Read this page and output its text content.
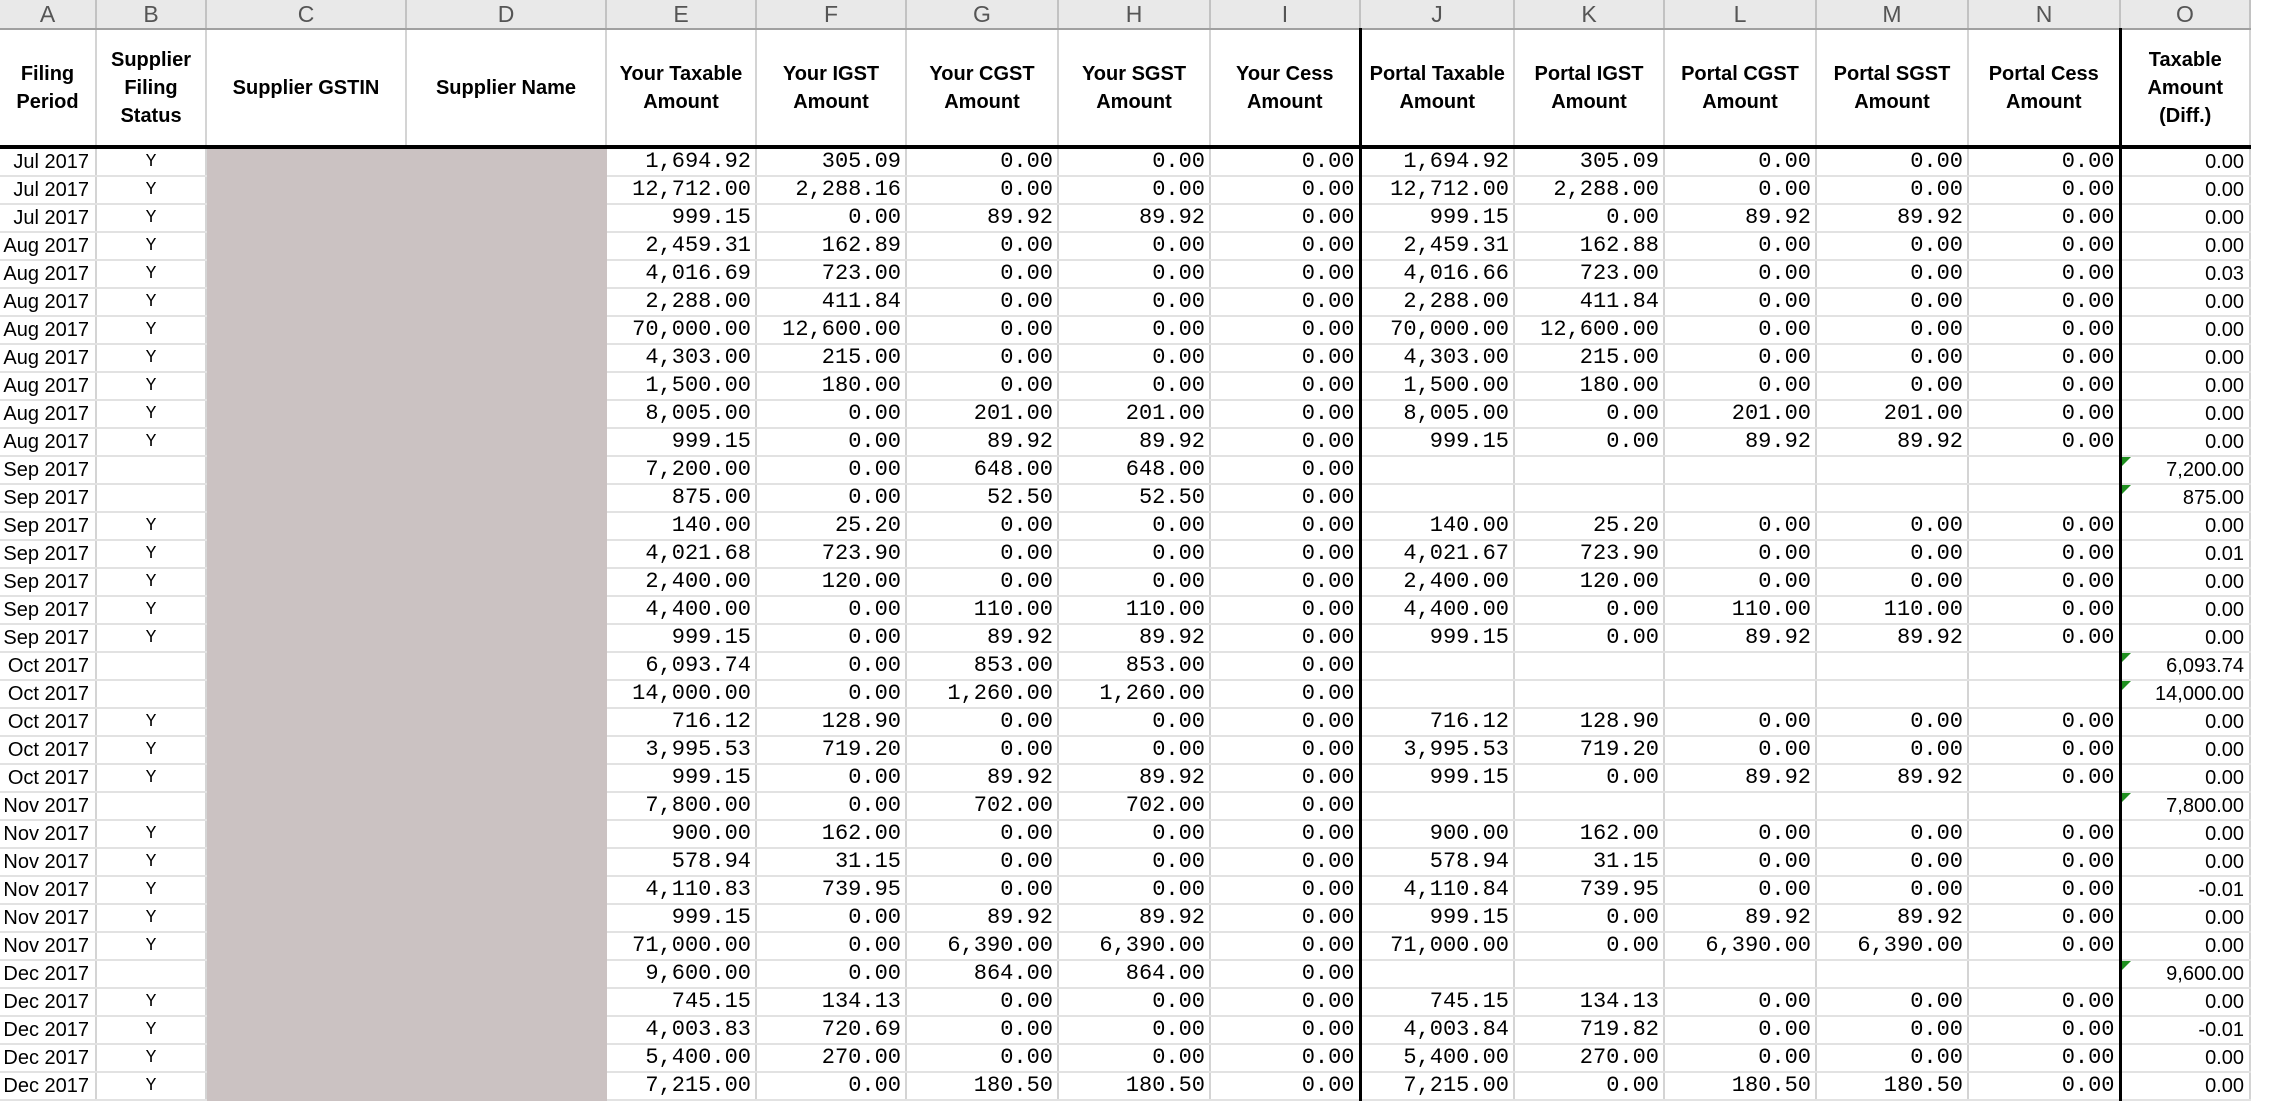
A	B	C	D	E	F	G	H	I	J	K	L	M	N	O
Filing Period	Supplier Filing Status	Supplier GSTIN	Supplier Name	Your Taxable Amount	Your IGST Amount	Your CGST Amount	Your SGST Amount	Your Cess Amount	Portal Taxable Amount	Portal IGST Amount	Portal CGST Amount	Portal SGST Amount	Portal Cess Amount	Taxable Amount (Diff.)
Jul 2017	Y			1,694.92	305.09	0.00	0.00	0.00	1,694.92	305.09	0.00	0.00	0.00	0.00
Jul 2017	Y			12,712.00	2,288.16	0.00	0.00	0.00	12,712.00	2,288.00	0.00	0.00	0.00	0.00
Jul 2017	Y			999.15	0.00	89.92	89.92	0.00	999.15	0.00	89.92	89.92	0.00	0.00
Aug 2017	Y			2,459.31	162.89	0.00	0.00	0.00	2,459.31	162.88	0.00	0.00	0.00	0.00
Aug 2017	Y			4,016.69	723.00	0.00	0.00	0.00	4,016.66	723.00	0.00	0.00	0.00	0.03
Aug 2017	Y			2,288.00	411.84	0.00	0.00	0.00	2,288.00	411.84	0.00	0.00	0.00	0.00
Aug 2017	Y			70,000.00	12,600.00	0.00	0.00	0.00	70,000.00	12,600.00	0.00	0.00	0.00	0.00
Aug 2017	Y			4,303.00	215.00	0.00	0.00	0.00	4,303.00	215.00	0.00	0.00	0.00	0.00
Aug 2017	Y			1,500.00	180.00	0.00	0.00	0.00	1,500.00	180.00	0.00	0.00	0.00	0.00
Aug 2017	Y			8,005.00	0.00	201.00	201.00	0.00	8,005.00	0.00	201.00	201.00	0.00	0.00
Aug 2017	Y			999.15	0.00	89.92	89.92	0.00	999.15	0.00	89.92	89.92	0.00	0.00
Sep 2017				7,200.00	0.00	648.00	648.00	0.00						7,200.00
Sep 2017				875.00	0.00	52.50	52.50	0.00						875.00
Sep 2017	Y			140.00	25.20	0.00	0.00	0.00	140.00	25.20	0.00	0.00	0.00	0.00
Sep 2017	Y			4,021.68	723.90	0.00	0.00	0.00	4,021.67	723.90	0.00	0.00	0.00	0.01
Sep 2017	Y			2,400.00	120.00	0.00	0.00	0.00	2,400.00	120.00	0.00	0.00	0.00	0.00
Sep 2017	Y			4,400.00	0.00	110.00	110.00	0.00	4,400.00	0.00	110.00	110.00	0.00	0.00
Sep 2017	Y			999.15	0.00	89.92	89.92	0.00	999.15	0.00	89.92	89.92	0.00	0.00
Oct 2017				6,093.74	0.00	853.00	853.00	0.00						6,093.74
Oct 2017				14,000.00	0.00	1,260.00	1,260.00	0.00						14,000.00
Oct 2017	Y			716.12	128.90	0.00	0.00	0.00	716.12	128.90	0.00	0.00	0.00	0.00
Oct 2017	Y			3,995.53	719.20	0.00	0.00	0.00	3,995.53	719.20	0.00	0.00	0.00	0.00
Oct 2017	Y			999.15	0.00	89.92	89.92	0.00	999.15	0.00	89.92	89.92	0.00	0.00
Nov 2017				7,800.00	0.00	702.00	702.00	0.00						7,800.00
Nov 2017	Y			900.00	162.00	0.00	0.00	0.00	900.00	162.00	0.00	0.00	0.00	0.00
Nov 2017	Y			578.94	31.15	0.00	0.00	0.00	578.94	31.15	0.00	0.00	0.00	0.00
Nov 2017	Y			4,110.83	739.95	0.00	0.00	0.00	4,110.84	739.95	0.00	0.00	0.00	-0.01
Nov 2017	Y			999.15	0.00	89.92	89.92	0.00	999.15	0.00	89.92	89.92	0.00	0.00
Nov 2017	Y			71,000.00	0.00	6,390.00	6,390.00	0.00	71,000.00	0.00	6,390.00	6,390.00	0.00	0.00
Dec 2017				9,600.00	0.00	864.00	864.00	0.00						9,600.00
Dec 2017	Y			745.15	134.13	0.00	0.00	0.00	745.15	134.13	0.00	0.00	0.00	0.00
Dec 2017	Y			4,003.83	720.69	0.00	0.00	0.00	4,003.84	719.82	0.00	0.00	0.00	-0.01
Dec 2017	Y			5,400.00	270.00	0.00	0.00	0.00	5,400.00	270.00	0.00	0.00	0.00	0.00
Dec 2017	Y			7,215.00	0.00	180.50	180.50	0.00	7,215.00	0.00	180.50	180.50	0.00	0.00
